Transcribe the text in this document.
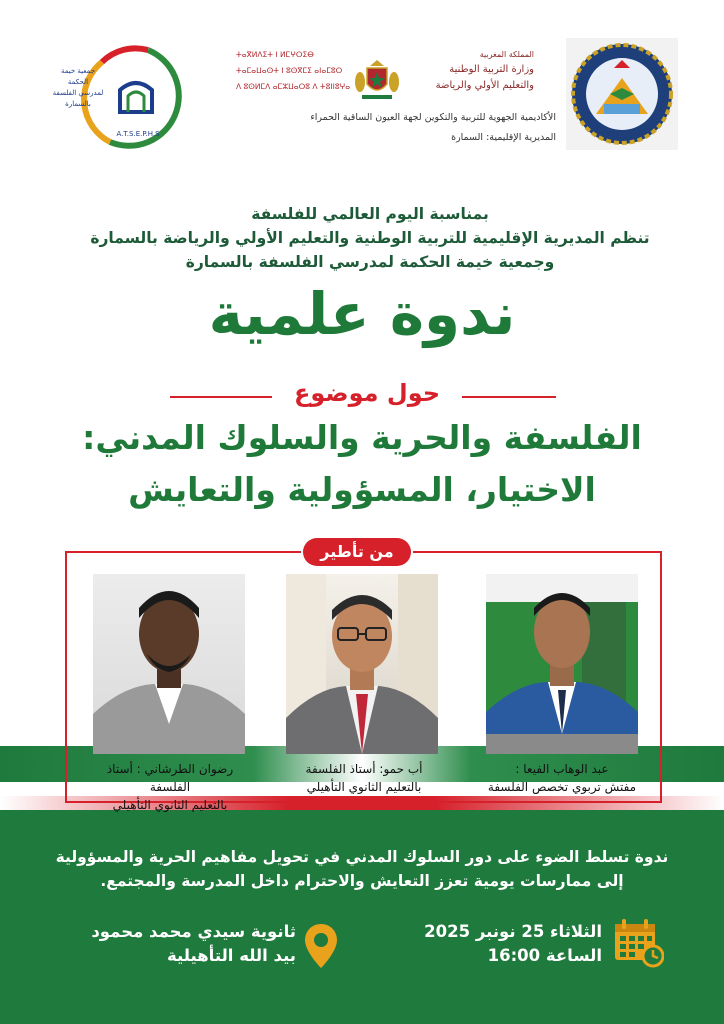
جمعية خيمة الحكمة
لمدرسي الفلسفة
بالسمارة
A.T.S.E.P.H.S
المملكة المغربية
وزارة التربية الوطنية
والتعليم الأولي والرياضة
ⵜⴰⴳⵍⴷⵉⵜ ⵏ ⵍⵎⵖⵔⵉⴱ
ⵜⴰⵎⴰⵡⴰⵙⵜ ⵏ ⵓⵙⴳⵎⵉ ⴰⵏⴰⵎⵓⵔ
ⴷ ⵓⵙⵍⵎⴷ ⴰⵎⵣⵡⴰⵔⵓ ⴷ ⵜⵓⵏⵏⵓⵖⴰ
الأكاديمية الجهوية للتربية والتكوين لجهة العيون الساقية الحمراء
المديرية الإقليمية: السمارة
بمناسبة اليوم العالمي للفلسفة
تنظم المديرية الإقليمية للتربية الوطنية والتعليم الأولي والرياضة بالسمارة
وجمعية خيمة الحكمة لمدرسي الفلسفة بالسمارة
ندوة علمية
حول موضوع
الفلسفة والحرية والسلوك المدني:
الاختيار، المسؤولية والتعايش
من تأطير
رضوان الطرشاني : أستاذ الفلسفة
بالتعليم الثانوي التأهيلي
أب حمو: أستاذ الفلسفة
بالتعليم الثانوي التأهيلي
عبد الوهاب الفيعا :
مفتش تربوي تخصص الفلسفة
ندوة تسلط الضوء على دور السلوك المدني في تحويل مفاهيم الحرية والمسؤولية
إلى ممارسات يومية تعزز التعايش والاحترام داخل المدرسة والمجتمع.
الثلاثاء 25 نونبر 2025
الساعة 16:00
ثانوية سيدي محمد محمود
بيد الله التأهيلية
